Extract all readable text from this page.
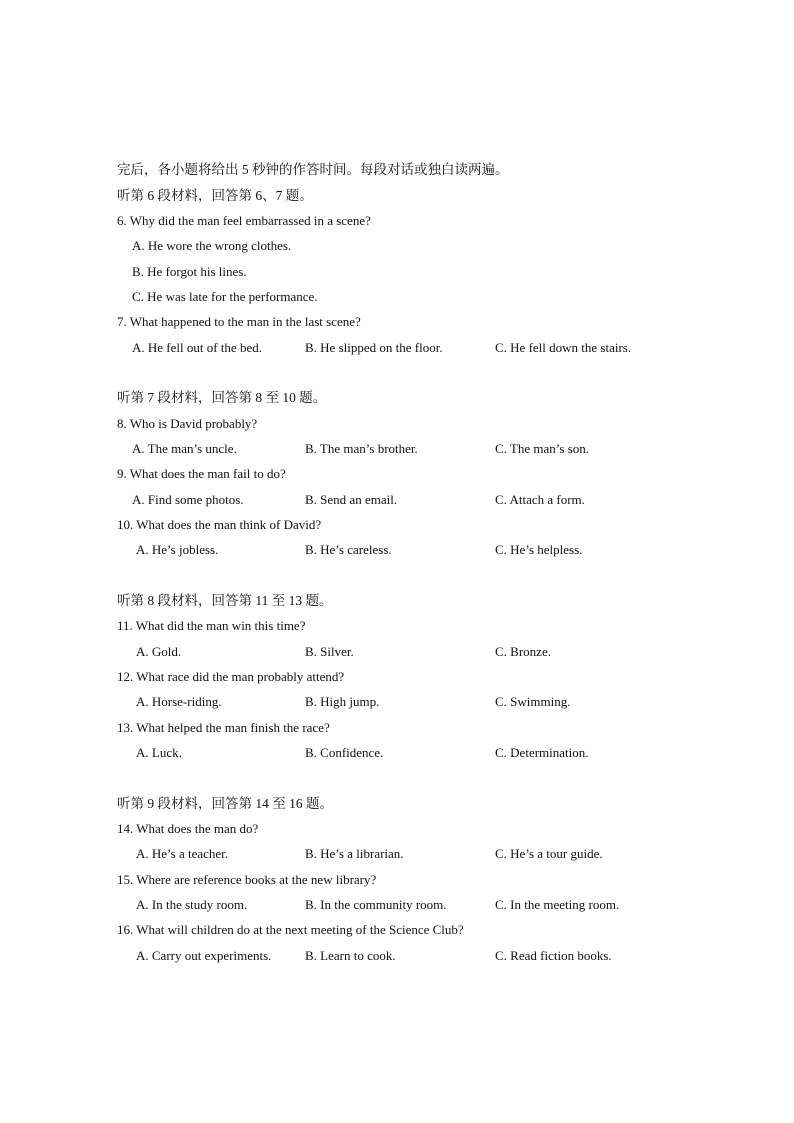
完后，各小题将给出 5 秒钟的作答时间。每段对话或独白读两遍。
听第 6 段材料，回答第 6、7 题。
6. Why did the man feel embarrassed in a scene?
A. He wore the wrong clothes.
B. He forgot his lines.
C. He was late for the performance.
7. What happened to the man in the last scene?
A. He fell out of the bed.	B. He slipped on the floor.	C. He fell down the stairs.
听第 7 段材料，回答第 8 至 10 题。
8. Who is David probably?
A. The man’s uncle.	B. The man’s brother.	C. The man’s son.
9. What does the man fail to do?
A. Find some photos.	B. Send an email.	C. Attach a form.
10. What does the man think of David?
A. He’s jobless.	B. He’s careless.	C. He’s helpless.
听第 8 段材料，回答第 11 至 13 题。
11. What did the man win this time?
A. Gold.	B. Silver.	C. Bronze.
12. What race did the man probably attend?
A. Horse-riding.	B. High jump.	C. Swimming.
13. What helped the man finish the race?
A. Luck.	B. Confidence.	C. Determination.
听第 9 段材料，回答第 14 至 16 题。
14. What does the man do?
A. He’s a teacher.	B. He’s a librarian.	C. He’s a tour guide.
15. Where are reference books at the new library?
A. In the study room.	B. In the community room.	C. In the meeting room.
16. What will children do at the next meeting of the Science Club?
A. Carry out experiments.	B. Learn to cook.	C. Read fiction books.
